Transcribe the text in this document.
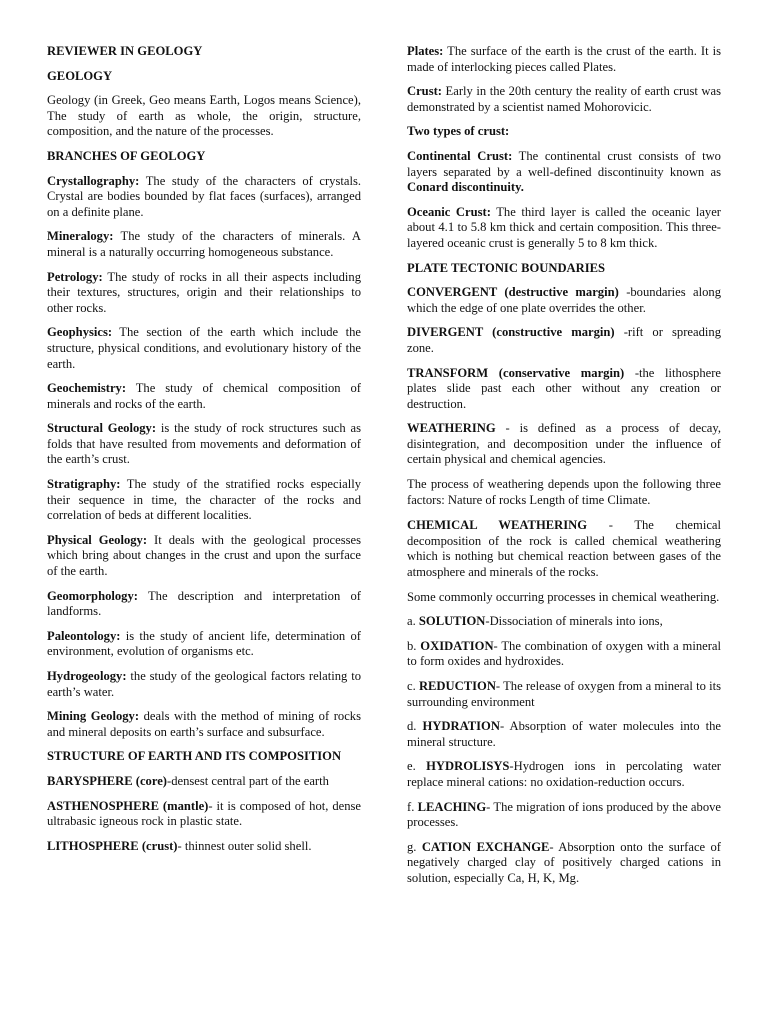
REVIEWER IN GEOLOGY
GEOLOGY

Geology (in Greek, Geo means Earth, Logos means Science), The study of earth as whole, the origin, structure, composition, and the nature of the processes.

BRANCHES OF GEOLOGY

Crystallography: The study of the characters of crystals. Crystal are bodies bounded by flat faces (surfaces), arranged on a definite plane.

Mineralogy: The study of the characters of minerals. A mineral is a naturally occurring homogeneous substance.

Petrology: The study of rocks in all their aspects including their textures, structures, origin and their relationships to other rocks.

Geophysics: The section of the earth which include the structure, physical conditions, and evolutionary history of the earth.

Geochemistry: The study of chemical composition of minerals and rocks of the earth.

Structural Geology: is the study of rock structures such as folds that have resulted from movements and deformation of the earth’s crust.

Stratigraphy: The study of the stratified rocks especially their sequence in time, the character of the rocks and correlation of beds at different localities.

Physical Geology: It deals with the geological processes which bring about changes in the crust and upon the surface of the earth.

Geomorphology: The description and interpretation of landforms.

Paleontology: is the study of ancient life, determination of environment, evolution of organisms etc.

Hydrogeology: the study of the geological factors relating to earth’s water.

Mining Geology: deals with the method of mining of rocks and mineral deposits on earth’s surface and subsurface.

STRUCTURE OF EARTH AND ITS COMPOSITION

BARYSPHERE (core)-densest central part of the earth

ASTHENOSPHERE (mantle)- it is composed of hot, dense ultrabasic igneous rock in plastic state.

LITHOSPHERE (crust)- thinnest outer solid shell.

Plates: The surface of the earth is the crust of the earth. It is made of interlocking pieces called Plates.

Crust: Early in the 20th century the reality of earth crust was demonstrated by a scientist named Mohorovicic.

Two types of crust:

Continental Crust: The continental crust consists of two layers separated by a well-defined discontinuity known as Conard discontinuity.

Oceanic Crust: The third layer is called the oceanic layer about 4.1 to 5.8 km thick and certain composition. This three-layered oceanic crust is generally 5 to 8 km thick.

PLATE TECTONIC BOUNDARIES

CONVERGENT (destructive margin) -boundaries along which the edge of one plate overrides the other.

DIVERGENT (constructive margin) -rift or spreading zone.

TRANSFORM (conservative margin) -the lithosphere plates slide past each other without any creation or destruction.

WEATHERING - is defined as a process of decay, disintegration, and decomposition under the influence of certain physical and chemical agencies.

The process of weathering depends upon the following three factors: Nature of rocks Length of time Climate.

CHEMICAL WEATHERING - The chemical decomposition of the rock is called chemical weathering which is nothing but chemical reaction between gases of the atmosphere and minerals of the rocks.

Some commonly occurring processes in chemical weathering.

a. SOLUTION-Dissociation of minerals into ions,

b. OXIDATION- The combination of oxygen with a mineral to form oxides and hydroxides.

c. REDUCTION- The release of oxygen from a mineral to its surrounding environment

d. HYDRATION- Absorption of water molecules into the mineral structure.

e. HYDROLISYS-Hydrogen ions in percolating water replace mineral cations: no oxidation-reduction occurs.

f. LEACHING- The migration of ions produced by the above processes.

g. CATION EXCHANGE- Absorption onto the surface of negatively charged clay of positively charged cations in solution, especially Ca, H, K, Mg.
